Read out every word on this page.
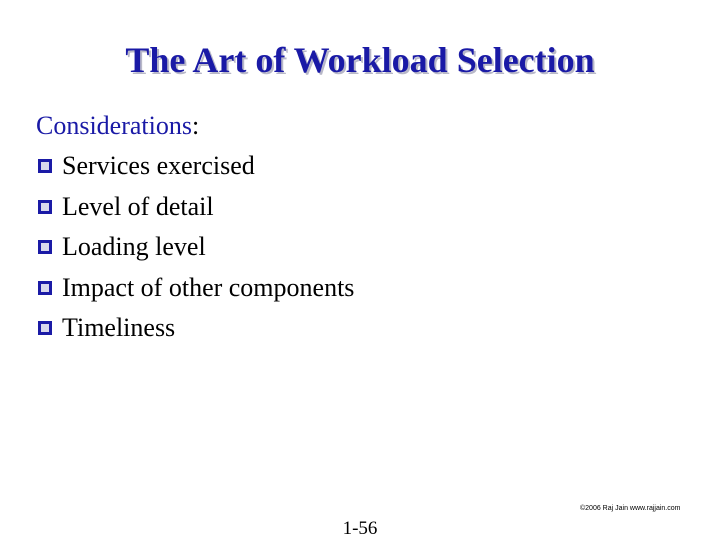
The Art of Workload Selection
Considerations:
Services exercised
Level of detail
Loading level
Impact of other components
Timeliness
©2006 Raj Jain www.rajjain.com
1-56
